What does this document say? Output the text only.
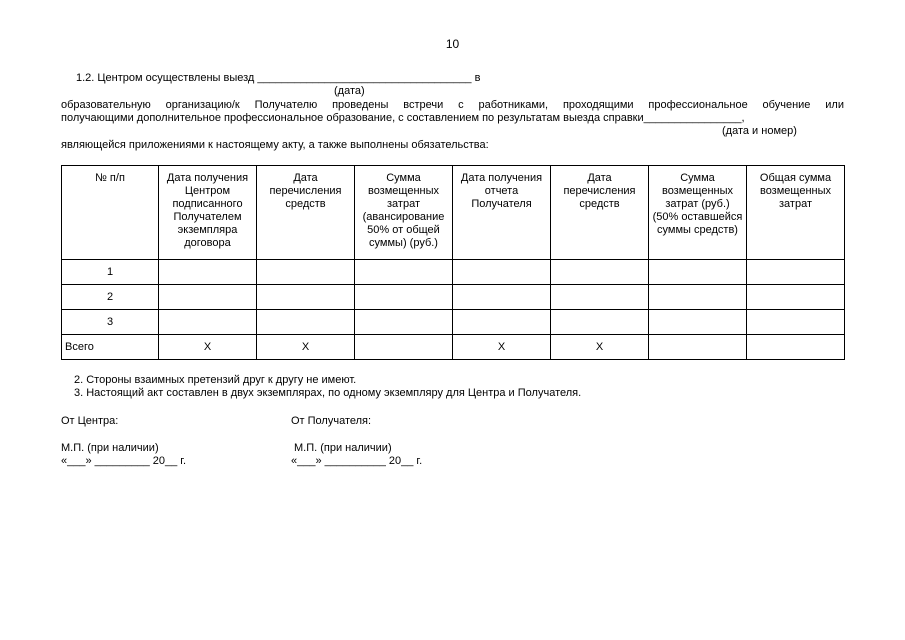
10
1.2. Центром осуществлены выезд ___________________________________ в
(дата)
образовательную организацию/к Получателю проведены встречи с работниками, проходящими профессиональное обучение или
получающими дополнительное профессиональное образование, с составлением по результатам выезда справки________________,
(дата и номер)
являющейся приложениями к настоящему акту, а также выполнены обязательства:
№ п/п	Дата получения Центром подписанного Получателем экземпляра договора	Дата перечисления средств	Сумма возмещенных затрат (авансирование 50% от общей суммы) (руб.)	Дата получения отчета Получателя	Дата перечисления средств	Сумма возмещенных затрат (руб.) (50% оставшейся суммы средств)	Общая сумма возмещенных затрат
1							
2							
3							
Всего	Х	Х		Х	Х		
2. Стороны взаимных претензий друг к другу не имеют.
3. Настоящий акт составлен в двух экземплярах, по одному экземпляру для Центра и Получателя.
От Центра:
М.П. (при наличии)
«___» _________ 20__ г.
От Получателя:
М.П. (при наличии)
«___» __________ 20__ г.
